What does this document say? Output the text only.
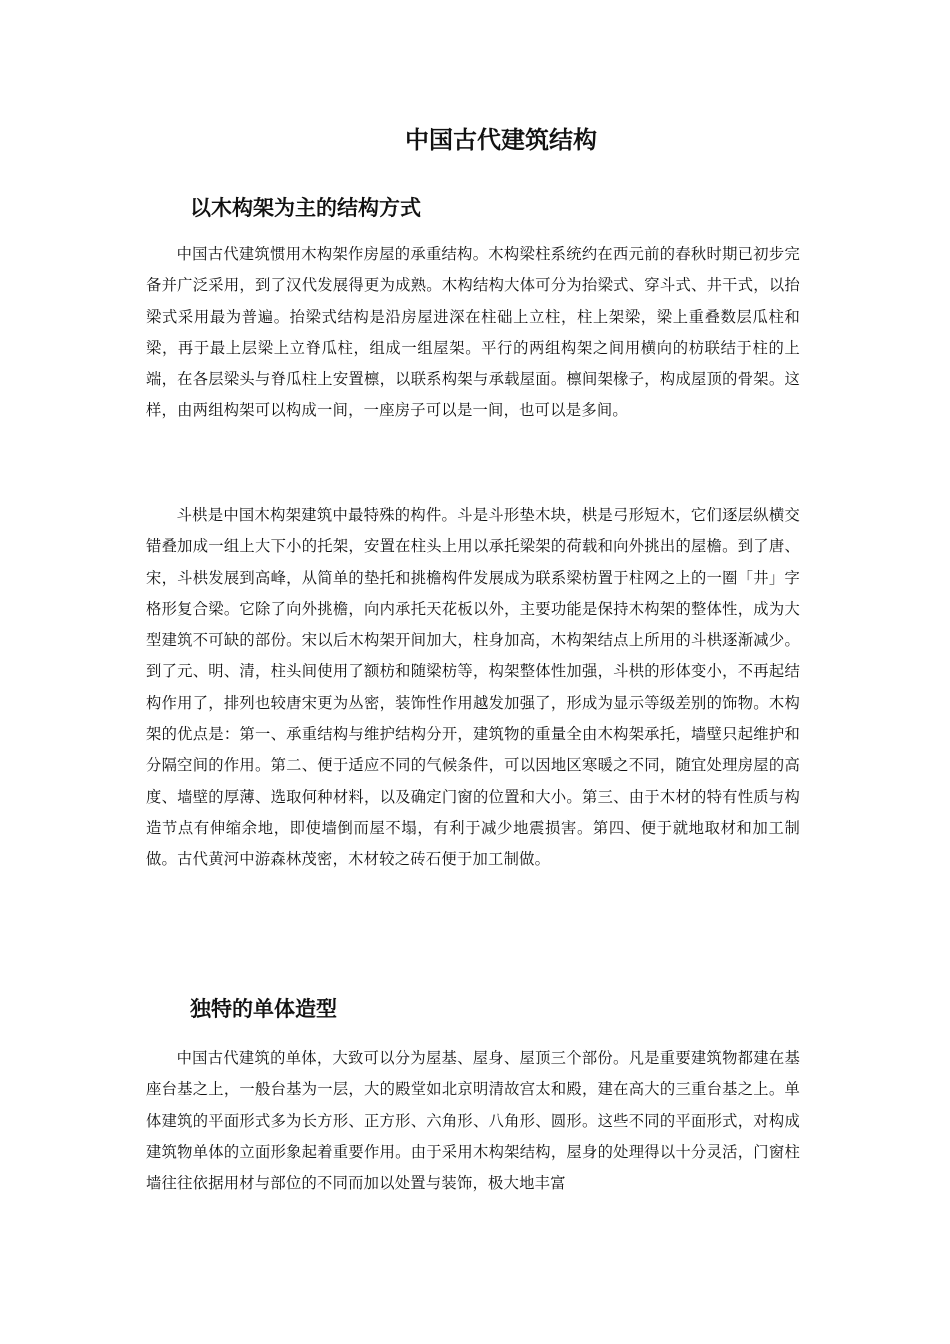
中国古代建筑结构
以木构架为主的结构方式

中国古代建筑惯用木构架作房屋的承重结构。木构梁柱系统约在西元前的春秋时期已初步完备并广泛采用，到了汉代发展得更为成熟。木构结构大体可分为抬梁式、穿斗式、井干式，以抬梁式采用最为普遍。抬梁式结构是沿房屋进深在柱础上立柱，柱上架梁，梁上重叠数层瓜柱和梁，再于最上层梁上立脊瓜柱，组成一组屋架。平行的两组构架之间用横向的枋联结于柱的上端，在各层梁头与脊瓜柱上安置檩，以联系构架与承载屋面。檩间架椽子，构成屋顶的骨架。这样，由两组构架可以构成一间，一座房子可以是一间，也可以是多间。

斗栱是中国木构架建筑中最特殊的构件。斗是斗形垫木块，栱是弓形短木，它们逐层纵横交错叠加成一组上大下小的托架，安置在柱头上用以承托梁架的荷载和向外挑出的屋檐。到了唐、宋，斗栱发展到高峰，从简单的垫托和挑檐构件发展成为联系梁枋置于柱网之上的一圈「井」字格形复合梁。它除了向外挑檐，向内承托天花板以外，主要功能是保持木构架的整体性，成为大型建筑不可缺的部份。宋以后木构架开间加大，柱身加高，木构架结点上所用的斗栱逐渐减少。到了元、明、清，柱头间使用了额枋和随梁枋等，构架整体性加强，斗栱的形体变小，不再起结构作用了，排列也较唐宋更为丛密，装饰性作用越发加强了，形成为显示等级差别的饰物。木构架的优点是：第一、承重结构与维护结构分开，建筑物的重量全由木构架承托，墙壁只起维护和分隔空间的作用。第二、便于适应不同的气候条件，可以因地区寒暖之不同，随宜处理房屋的高度、墙壁的厚薄、选取何种材料，以及确定门窗的位置和大小。第三、由于木材的特有性质与构造节点有伸缩余地，即使墙倒而屋不塌，有利于减少地震损害。第四、便于就地取材和加工制做。古代黄河中游森林茂密，木材较之砖石便于加工制做。

独特的单体造型

中国古代建筑的单体，大致可以分为屋基、屋身、屋顶三个部份。凡是重要建筑物都建在基座台基之上，一般台基为一层，大的殿堂如北京明清故宫太和殿，建在高大的三重台基之上。单体建筑的平面形式多为长方形、正方形、六角形、八角形、圆形。这些不同的平面形式，对构成建筑物单体的立面形象起着重要作用。由于采用木构架结构，屋身的处理得以十分灵活，门窗柱墙往往依据用材与部位的不同而加以处置与装饰，极大地丰富
